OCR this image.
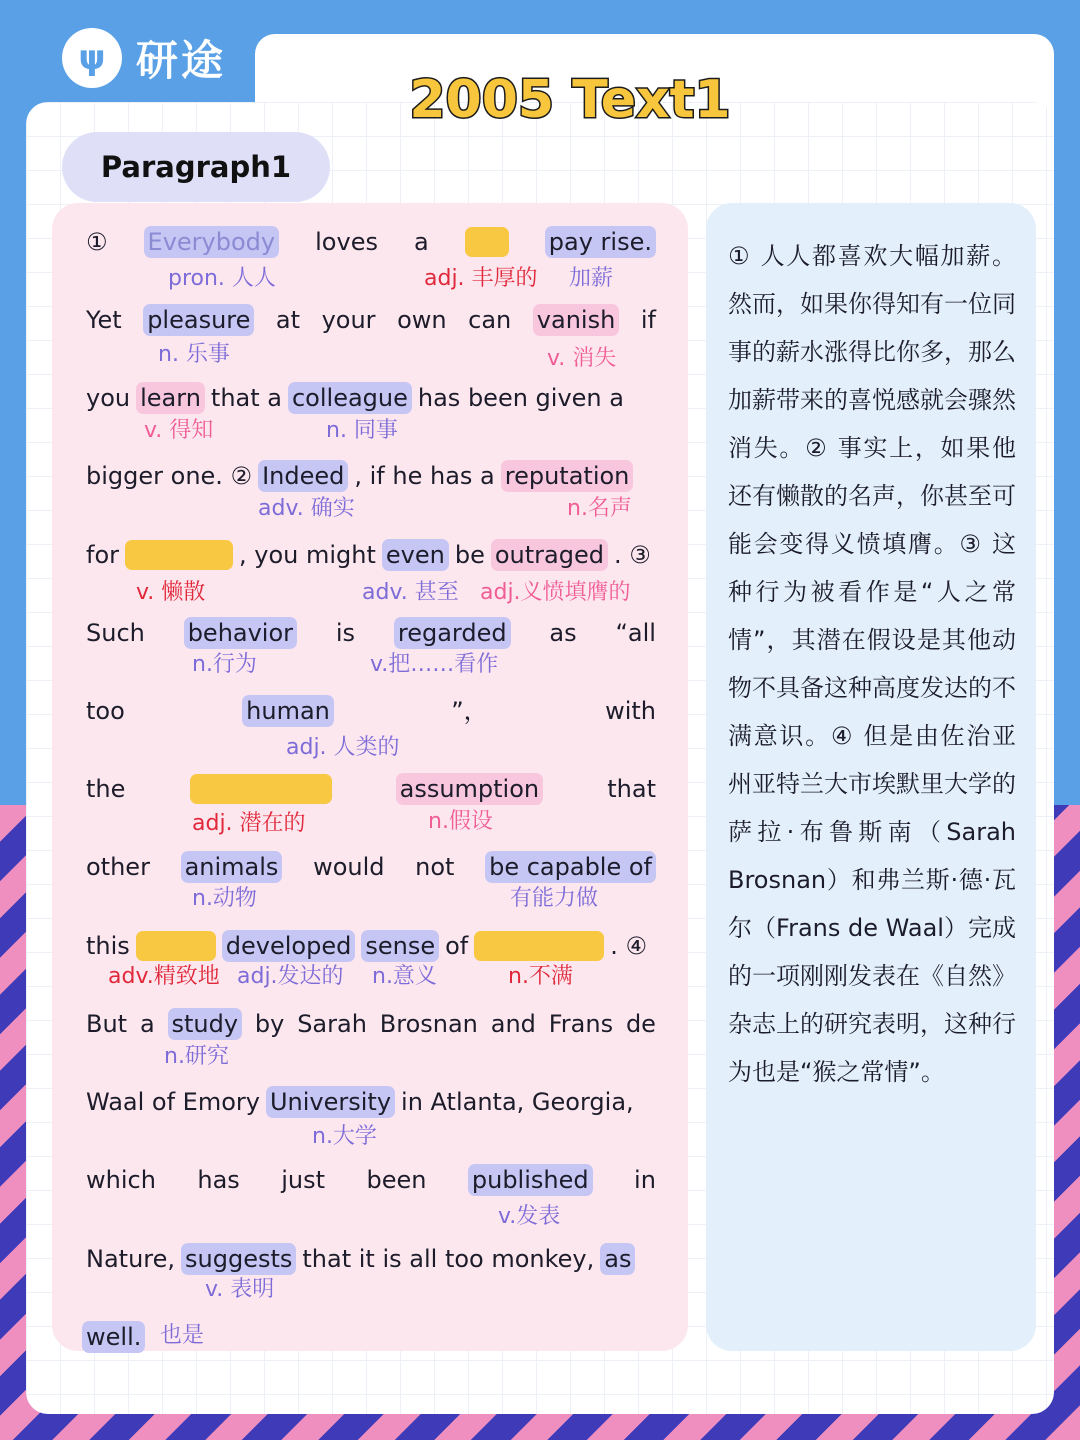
ψ 研途
2005 Text1
Paragraph1
① Everybody loves a	pay rise.
Yet pleasure at your own can vanish if
you learn that a colleague has been given a
bigger one. ② Indeed , if he has a reputation
for	, you might even be outraged . ③
Such behavior is regarded as “all
too	human	”，	with
the	assumption	that
other animals would not be capable of
this	developed sense of	. ④
But a study by Sarah Brosnan and Frans de
Waal of Emory University in Atlanta, Georgia,
which has just been published in
Nature, suggests that it is all too monkey, as
well.
pron. 人人	adj. 丰厚的 加薪
n. 乐事	v. 消失
v. 得知	n. 同事
adv. 确实	n.名声
v. 懒散	adv. 甚至 adj.义愤填膺的
n.行为	v.把……看作
adj. 人类的
adj. 潜在的	n.假设
n.动物	有能力做
adv.精致地 adj.发达的 n.意义	n.不满
n.研究
n.大学
v.发表
v. 表明
也是
① 人人都喜欢大幅加薪。然而，如果你得知有一位同事的薪水涨得比你多，那么加薪带来的喜悦感就会骤然消失。② 事实上，如果他还有懒散的名声，你甚至可能会变得义愤填膺。③ 这种行为被看作是“人之常情”，其潜在假设是其他动物不具备这种高度发达的不满意识。④ 但是由佐治亚州亚特兰大市埃默里大学的萨拉·布鲁斯南（Sarah Brosnan）和弗兰斯·德·瓦尔（Frans de Waal）完成的一项刚刚发表在《自然》杂志上的研究表明，这种行为也是“猴之常情”。
